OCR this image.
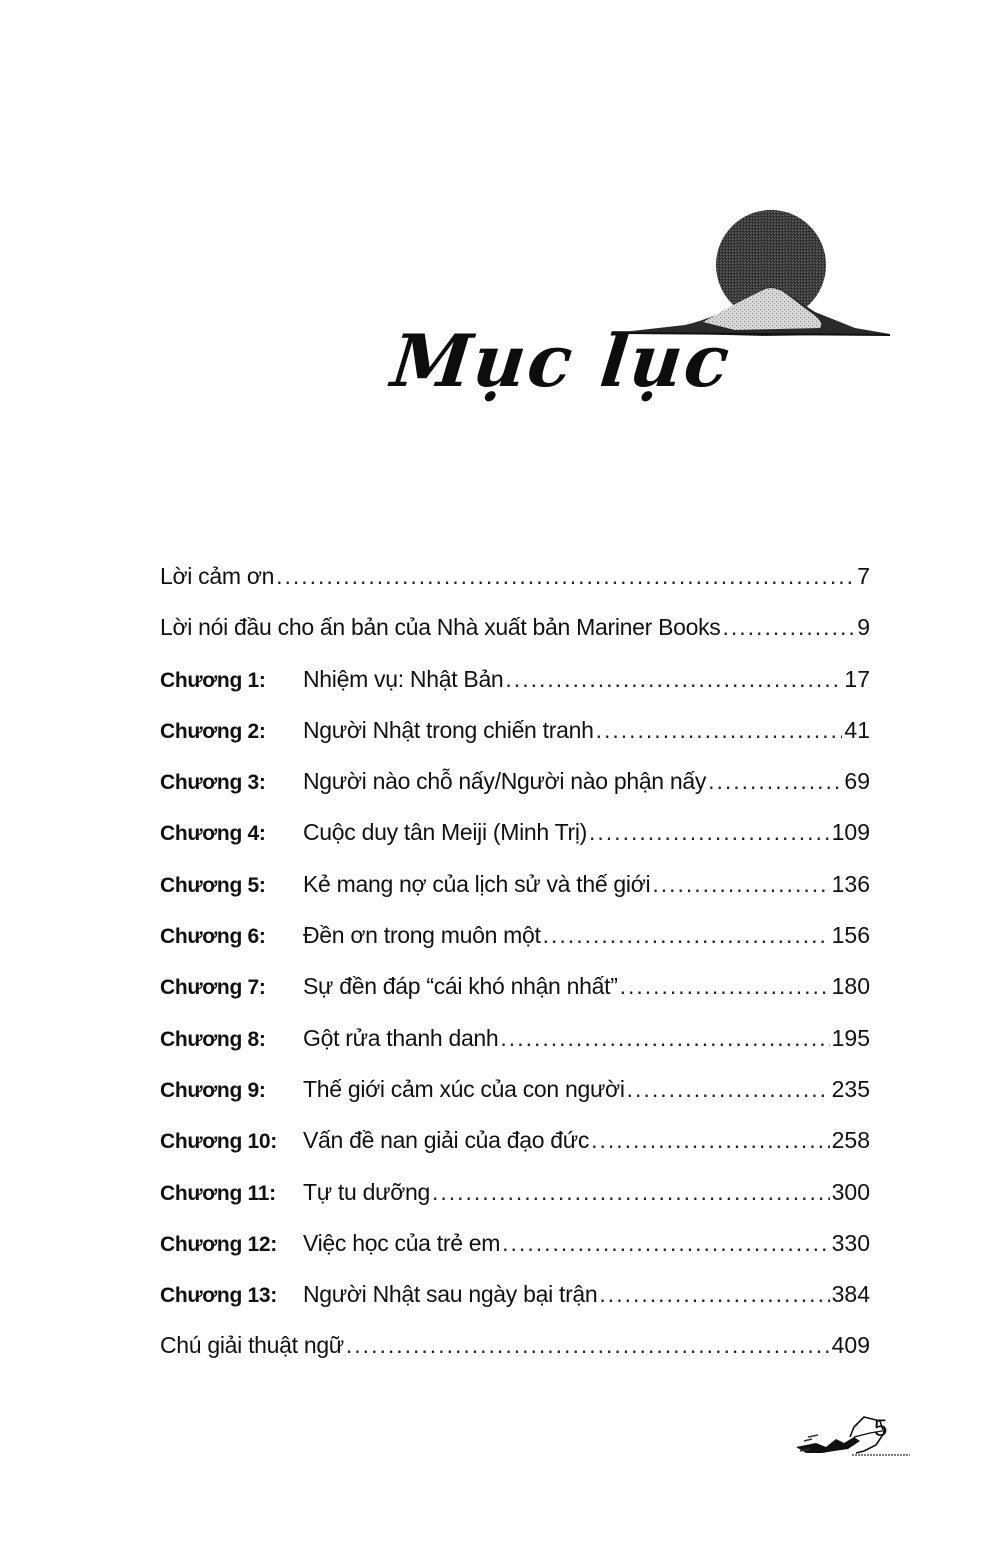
Mục lục
Lời cảm ơn .....	7
Lời nói đầu cho ấn bản của Nhà xuất bản Mariner Books .....	9
Chương 1:	Nhiệm vụ: Nhật Bản .....	17
Chương 2:	Người Nhật trong chiến tranh .....	41
Chương 3:	Người nào chỗ nấy/Người nào phận nấy .....	69
Chương 4:	Cuộc duy tân Meiji (Minh Trị) .....	109
Chương 5:	Kẻ mang nợ của lịch sử và thế giới .....	136
Chương 6:	Đền ơn trong muôn một .....	156
Chương 7:	Sự đền đáp “cái khó nhận nhất” .....	180
Chương 8:	Gột rửa thanh danh .....	195
Chương 9:	Thế giới cảm xúc của con người .....	235
Chương 10:	Vấn đề nan giải của đạo đức .....	258
Chương 11:	Tự tu dưỡng .....	300
Chương 12:	Việc học của trẻ em .....	330
Chương 13:	Người Nhật sau ngày bại trận .....	384
Chú giải thuật ngữ .....	409
5
